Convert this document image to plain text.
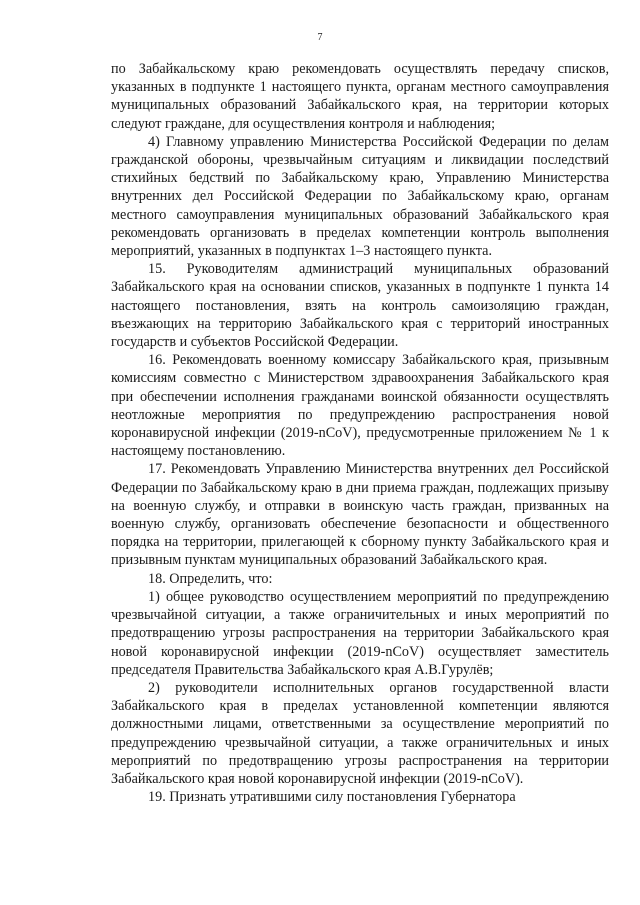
7

по Забайкальскому краю рекомендовать осуществлять передачу списков, указанных в подпункте 1 настоящего пункта, органам местного самоуправления муниципальных образований Забайкальского края, на территории которых следуют граждане, для осуществления контроля и наблюдения;

4) Главному управлению Министерства Российской Федерации по делам гражданской обороны, чрезвычайным ситуациям и ликвидации последствий стихийных бедствий по Забайкальскому краю, Управлению Министерства внутренних дел Российской Федерации по Забайкальскому краю, органам местного самоуправления муниципальных образований Забайкальского края рекомендовать организовать в пределах компетенции контроль выполнения мероприятий, указанных в подпунктах 1–3 настоящего пункта.

15. Руководителям администраций муниципальных образований Забайкальского края на основании списков, указанных в подпункте 1 пункта 14 настоящего постановления, взять на контроль самоизоляцию граждан, въезжающих на территорию Забайкальского края с территорий иностранных государств и субъектов Российской Федерации.

16. Рекомендовать военному комиссару Забайкальского края, призывным комиссиям совместно с Министерством здравоохранения Забайкальского края при обеспечении исполнения гражданами воинской обязанности осуществлять неотложные мероприятия по предупреждению распространения новой коронавирусной инфекции (2019-nCoV), предусмотренные приложением № 1 к настоящему постановлению.

17. Рекомендовать Управлению Министерства внутренних дел Российской Федерации по Забайкальскому краю в дни приема граждан, подлежащих призыву на военную службу, и отправки в воинскую часть граждан, призванных на военную службу, организовать обеспечение безопасности и общественного порядка на территории, прилегающей к сборному пункту Забайкальского края и призывным пунктам муниципальных образований Забайкальского края.

18. Определить, что:

1) общее руководство осуществлением мероприятий по предупреждению чрезвычайной ситуации, а также ограничительных и иных мероприятий по предотвращению угрозы распространения на территории Забайкальского края новой коронавирусной инфекции (2019-nCoV) осуществляет заместитель председателя Правительства Забайкальского края А.В.Гурулёв;

2) руководители исполнительных органов государственной власти Забайкальского края в пределах установленной компетенции являются должностными лицами, ответственными за осуществление мероприятий по предупреждению чрезвычайной ситуации, а также ограничительных и иных мероприятий по предотвращению угрозы распространения на территории Забайкальского края новой коронавирусной инфекции (2019-nCoV).

19. Признать утратившими силу постановления Губернатора
